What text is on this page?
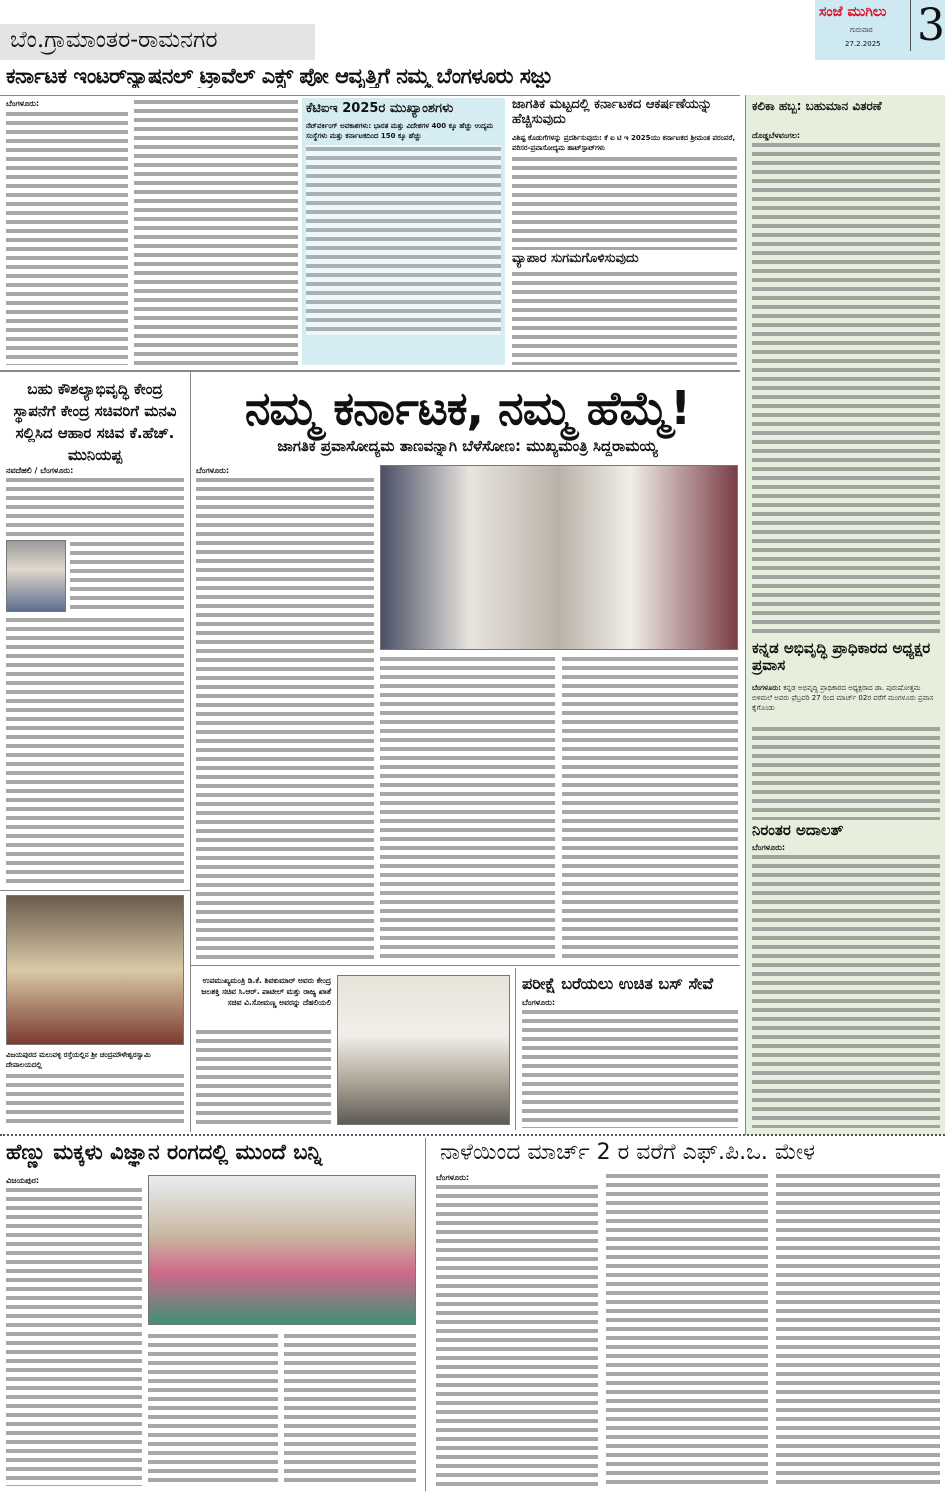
ಬೆಂ.ಗ್ರಾಮಾಂತರ-ರಾಮನಗರ
ಸಂಜೆ ಮುಗಿಲು
ಗುರುವಾರ
27.2.2025 3
ಕರ್ನಾಟಕ ಇಂಟರ್‌ನ್ಯಾಷನಲ್ ಟ್ರಾವೆಲ್ ಎಕ್ಸ್ ಪೋ ಆವೃತ್ತಿಗೆ ನಮ್ಮ ಬೆಂಗಳೂರು ಸಜ್ಜು
ಬೆಂಗಳೂರು:	ಕೆಟಿಐಇ 2025ರ ಮುಖ್ಯಾಂಶಗಳು
ನೆಟ್‌ವರ್ಕಿಂಗ್ ಅವಕಾಶಗಳು: ಭಾರತ ಮತ್ತು ವಿದೇಶಗಳ 400 ಕ್ಕೂ ಹೆಚ್ಚು ಉದ್ಯಮ ಸಂಸ್ಥೆಗಳು ಮತ್ತು ಕರ್ನಾಟಕದಿಂದ 150 ಕ್ಕೂ ಹೆಚ್ಚು
ಜಾಗತಿಕ ಮಟ್ಟದಲ್ಲಿ ಕರ್ನಾಟಕದ ಆಕರ್ಷಣೆಯನ್ನು ಹೆಚ್ಚಿಸುವುದು
ವಿಶಿಷ್ಟ ಕೊಡುಗೆಗಳನ್ನು ಪ್ರದರ್ಶಿಸುವುದು: ಕೆ ಐ ಟಿ ಇ 2025ಯು ಕರ್ನಾಟಕದ ಶ್ರೀಮಂತ ಪರಂಪರೆ, ಪರಿಸರ-ಪ್ರವಾಸೋದ್ಯಮ ಹಾಟ್‌ಸ್ಪಾಟ್‌ಗಳು
ವ್ಯಾಪಾರ ಸುಗಮಗೊಳಿಸುವುದು
ಬಹು ಕೌಶಲ್ಯಾಭಿವೃದ್ಧಿ ಕೇಂದ್ರ ಸ್ಥಾಪನೆಗೆ ಕೇಂದ್ರ ಸಚಿವರಿಗೆ ಮನವಿ ಸಲ್ಲಿಸಿದ ಆಹಾರ ಸಚಿವ ಕೆ.ಹೆಚ್. ಮುನಿಯಪ್ಪ
ನವದೆಹಲಿ / ಬೆಂಗಳೂರು:
ವಿಜಯಪುರದ ಮಲುವಳ್ಳಿ ರಸ್ತೆಯಲ್ಲಿನ ಶ್ರೀ ಚಂದ್ರಮೌಳೇಶ್ವರಸ್ವಾಮಿ ದೇವಾಲಯದಲ್ಲಿ
ನಮ್ಮ ಕರ್ನಾಟಕ, ನಮ್ಮ ಹೆಮ್ಮೆ!
ಜಾಗತಿಕ ಪ್ರವಾಸೋದ್ಯಮ ತಾಣವನ್ನಾಗಿ ಬೆಳೆಸೋಣ: ಮುಖ್ಯಮಂತ್ರಿ ಸಿದ್ದರಾಮಯ್ಯ
ಬೆಂಗಳೂರು:
ಉಪಮುಖ್ಯಮಂತ್ರಿ ಡಿ.ಕೆ. ಶಿವಕುಮಾರ್ ಅವರು ಕೇಂದ್ರ ಜಲಶಕ್ತಿ ಸಚಿವ ಸಿ.ಆರ್. ಪಾಟೀಲ್ ಮತ್ತು ರಾಜ್ಯ ಖಾತೆ ಸಚಿವ ವಿ.ಸೋಮಣ್ಣ ಅವರನ್ನು ದೆಹಲಿಯಲಿ
ಪರೀಕ್ಷೆ ಬರೆಯಲು ಉಚಿತ ಬಸ್ ಸೇವೆ
ಬೆಂಗಳೂರು:
ಕಲಿಕಾ ಹಬ್ಬ: ಬಹುಮಾನ ವಿತರಣೆ
ದೊಡ್ಡಬೆಳವಂಗಲ:
ಕನ್ನಡ ಅಭಿವೃದ್ಧಿ ಪ್ರಾಧಿಕಾರದ ಅಧ್ಯಕ್ಷರ ಪ್ರವಾಸ
ಬೆಂಗಳೂರು: ಕನ್ನಡ ಅಭಿವೃದ್ಧಿ ಪ್ರಾಧಿಕಾರದ ಅಧ್ಯಕ್ಷರಾದ ಡಾ. ಪುರುಷೋತ್ತಮ ಬಿಳಿಮಲೆ ಅವರು ಫೆಬ್ರವರಿ 27 ರಿಂದ ಮಾರ್ಚ್ 02ರ ವರೆಗೆ ಮಂಗಳೂರು ಪ್ರವಾಸ ಕೈಗೊಂಡು
ನಿರಂತರ ಅದಾಲತ್
ಬೆಂಗಳೂರು:
ಹೆಣ್ಣು ಮಕ್ಕಳು ವಿಜ್ಞಾನ ರಂಗದಲ್ಲಿ ಮುಂದೆ ಬನ್ನಿ
ವಿಜಯಪುರ:
ನಾಳೆಯಿಂದ ಮಾರ್ಚ್ 2 ರ ವರೆಗೆ ಎಫ್.ಪಿ.ಒ. ಮೇಳ
ಬೆಂಗಳೂರು:
